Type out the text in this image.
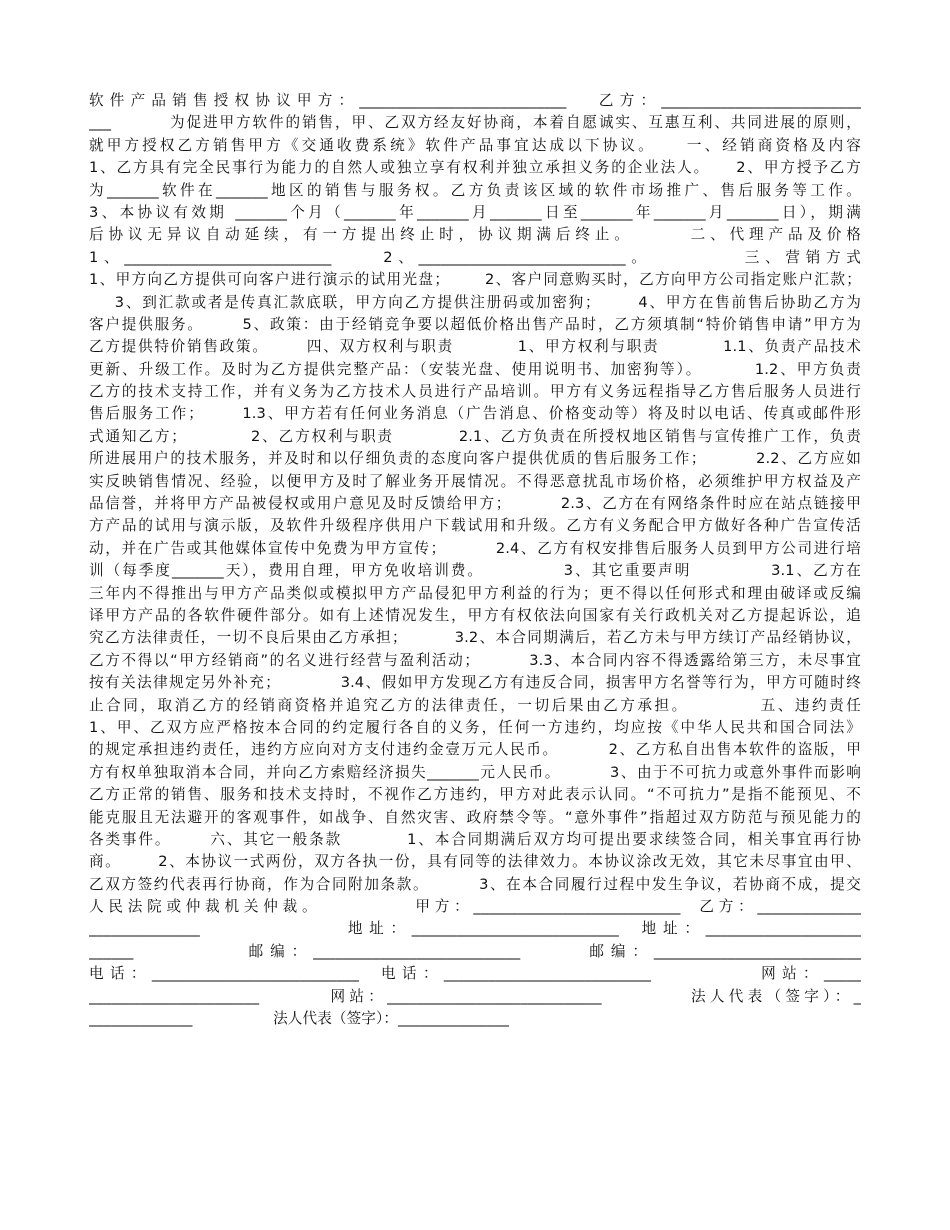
软件产品销售授权协议甲方：____________________________   乙方：___________________________
___         为促进甲方软件的销售，甲、乙双方经友好协商，本着自愿诚实、互惠互利、共同进展的原则，
就甲方授权乙方销售甲方《交通收费系统》软件产品事宜达成以下协议。    一、经销商资格及内容
1、乙方具有完全民事行为能力的自然人或独立享有权利并独立承担义务的企业法人。    2、甲方授予乙方
为_______软件在_______地区的销售与服务权。乙方负责该区域的软件市场推广、售后服务等工作。
3、本协议有效期 _______个月（_______年_______月_______日至_______年_______月_______日），期满
后协议无异议自动延续，有一方提出终止时，协议期满后终止。      二、代理产品及价格
1、____________________________     2、____________________________。         三、营销方式
1、甲方向乙方提供可向客户进行演示的试用光盘；      2、客户同意购买时，乙方向甲方公司指定账户汇款；
3、到汇款或者是传真汇款底联，甲方向乙方提供注册码或加密狗；      4、甲方在售前售后协助乙方为
客户提供服务。      5、政策：由于经销竞争要以超低价格出售产品时，乙方须填制“特价销售申请”甲方为
乙方提供特价销售政策。      四、双方权利与职责          1、甲方权利与职责          1.1、负责产品技术
更新、升级工作。及时为乙方提供完整产品：（安装光盘、使用说明书、加密狗等）。        1.2、甲方负责
乙方的技术支持工作，并有义务为乙方技术人员进行产品培训。甲方有义务远程指导乙方售后服务人员进行
售后服务工作；      1.3、甲方若有任何业务消息（广告消息、价格变动等）将及时以电话、传真或邮件形
式通知乙方；          2、乙方权利与职责          2.1、乙方负责在所授权地区销售与宣传推广工作，负责
所进展用户的技术服务，并及时和以仔细负责的态度向客户提供优质的售后服务工作；        2.2、乙方应如
实反映销售情况、经验，以便甲方及时了解业务开展情况。不得恶意扰乱市场价格，必须维护甲方权益及产
品信誉，并将甲方产品被侵权或用户意见及时反馈给甲方；        2.3、乙方在有网络条件时应在站点链接甲
方产品的试用与演示版，及软件升级程序供用户下载试用和升级。乙方有义务配合甲方做好各种广告宣传活
动，并在广告或其他媒体宣传中免费为甲方宣传；        2.4、乙方有权安排售后服务人员到甲方公司进行培
训（每季度_______天），费用自理，甲方免收培训费。            3、其它重要声明            3.1、乙方在
三年内不得推出与甲方产品类似或模拟甲方产品侵犯甲方利益的行为；更不得以任何形式和理由破译或反编
译甲方产品的各软件硬件部分。如有上述情况发生，甲方有权依法向国家有关行政机关对乙方提起诉讼，追
究乙方法律责任，一切不良后果由乙方承担；        3.2、本合同期满后，若乙方未与甲方续订产品经销协议，
乙方不得以“甲方经销商”的名义进行经营与盈利活动；        3.3、本合同内容不得透露给第三方，未尽事宜
按有关法律规定另外补充；          3.4、假如甲方发现乙方有违反合同，损害甲方名誉等行为，甲方可随时终
止合同，取消乙方的经销商资格并追究乙方的法律责任，一切后果由乙方承担。          五、违约责任
1、甲、乙双方应严格按本合同的约定履行各自的义务，任何一方违约，均应按《中华人民共和国合同法》
的规定承担违约责任，违约方应向对方支付违约金壹万元人民币。        2、乙方私自出售本软件的盗版，甲
方有权单独取消本合同，并向乙方索赔经济损失_______元人民币。        3、由于不可抗力或意外事件而影响
乙方正常的销售、服务和技术支持时，不视作乙方违约，甲方对此表示认同。“不可抗力”是指不能预见、不
能克服且无法避开的客观事件，如战争、自然灾害、政府禁令等。“意外事件”指超过双方防范与预见能力的
各类事件。      六、其它一般条款          1、本合同期满后双方均可提出要求续签合同，相关事宜再行协
商。      2、本协议一式两份，双方各执一份，具有同等的法律效力。本协议涂改无效，其它未尽事宜由甲、
乙双方签约代表再行协商，作为合同附加条款。        3、在本合同履行过程中发生争议，若协商不成，提交
人民法院或仲裁机关仲裁。          甲方：____________________________  乙方：______________
_______________             地址：____________________________  地址：_____________________
______          邮编：____________________________      邮编：____________________________
电话：____________________________  电话：____________________________          网站：_____
_______________________        网站：_____________________________          法人代表（签字）：_
______________                 法人代表（签字）：_______________
